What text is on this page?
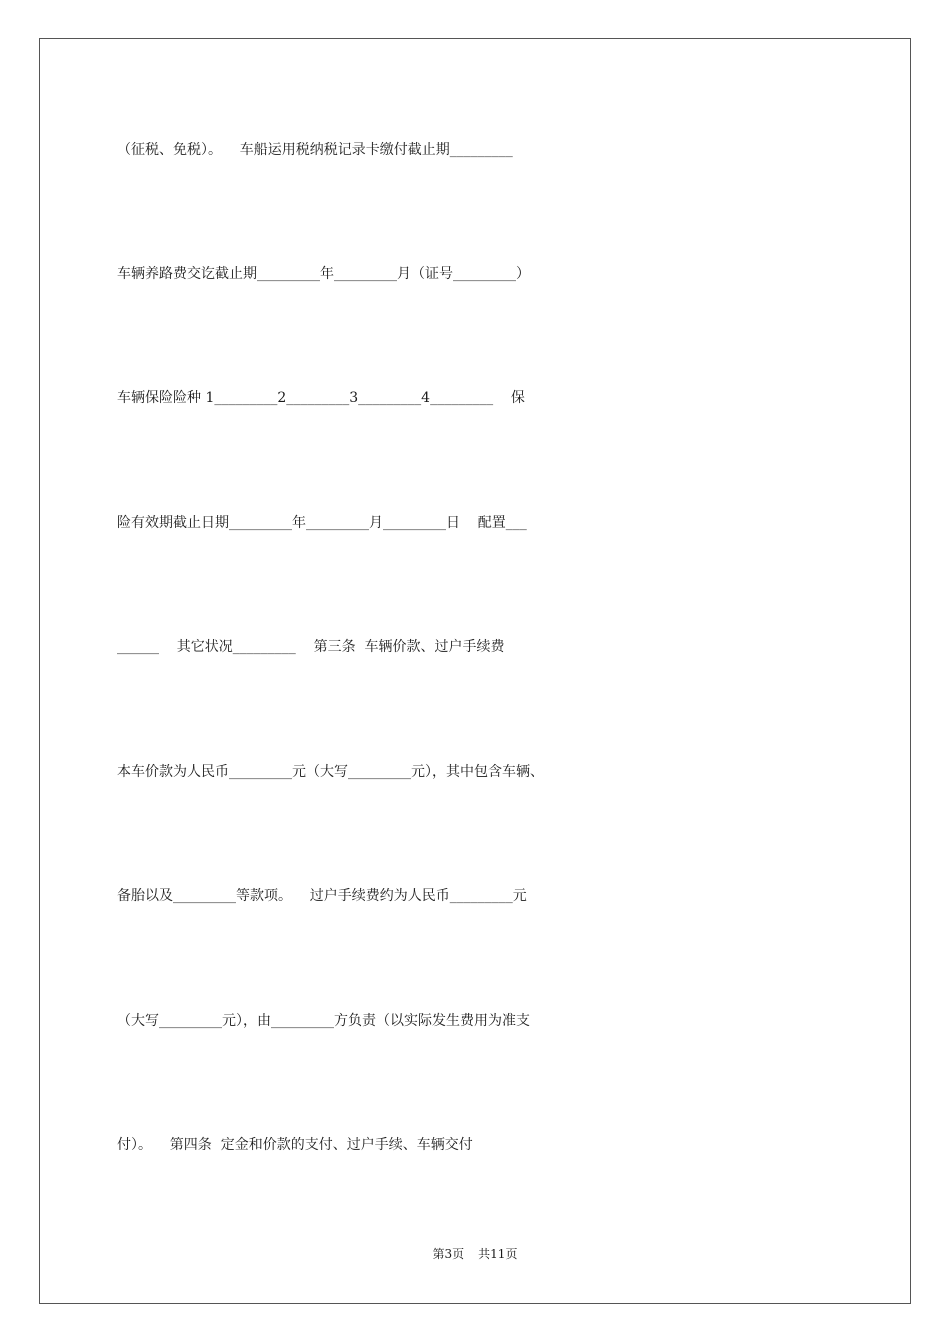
（征税、免税）。    车船运用税纳税记录卡缴付截止期_________
车辆养路费交讫截止期_________年_________月（证号_________）
车辆保险险种 1_________2_________3_________4_________    保
险有效期截止日期_________年_________月_________日    配置___
______    其它状况_________    第三条  车辆价款、过户手续费
本车价款为人民币_________元（大写_________元），其中包含车辆、
备胎以及_________等款项。    过户手续费约为人民币_________元
（大写_________元），由_________方负责（以实际发生费用为准支
付）。    第四条  定金和价款的支付、过户手续、车辆交付
第3页 共11页
